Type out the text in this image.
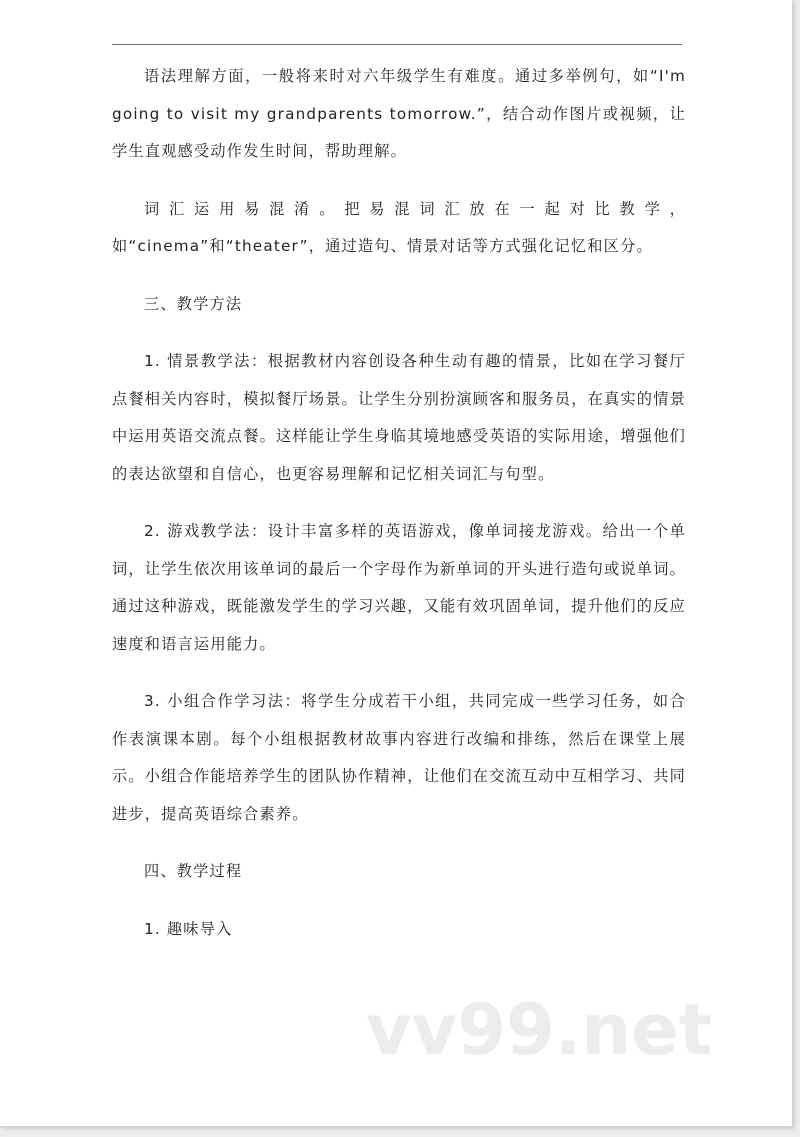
语法理解方面，一般将来时对六年级学生有难度。通过多举例句，如“I'm going to visit my grandparents tomorrow.”，结合动作图片或视频，让学生直观感受动作发生时间，帮助理解。

词汇运用易混淆。把易混词汇放在一起对比教学，如“cinema”和“theater”，通过造句、情景对话等方式强化记忆和区分。

三、教学方法

1. 情景教学法：根据教材内容创设各种生动有趣的情景，比如在学习餐厅点餐相关内容时，模拟餐厅场景。让学生分别扮演顾客和服务员，在真实的情景中运用英语交流点餐。这样能让学生身临其境地感受英语的实际用途，增强他们的表达欲望和自信心，也更容易理解和记忆相关词汇与句型。

2. 游戏教学法：设计丰富多样的英语游戏，像单词接龙游戏。给出一个单词，让学生依次用该单词的最后一个字母作为新单词的开头进行造句或说单词。通过这种游戏，既能激发学生的学习兴趣，又能有效巩固单词，提升他们的反应速度和语言运用能力。

3. 小组合作学习法：将学生分成若干小组，共同完成一些学习任务，如合作表演课本剧。每个小组根据教材故事内容进行改编和排练，然后在课堂上展示。小组合作能培养学生的团队协作精神，让他们在交流互动中互相学习、共同进步，提高英语综合素养。

四、教学过程

1. 趣味导入

vv99.net
